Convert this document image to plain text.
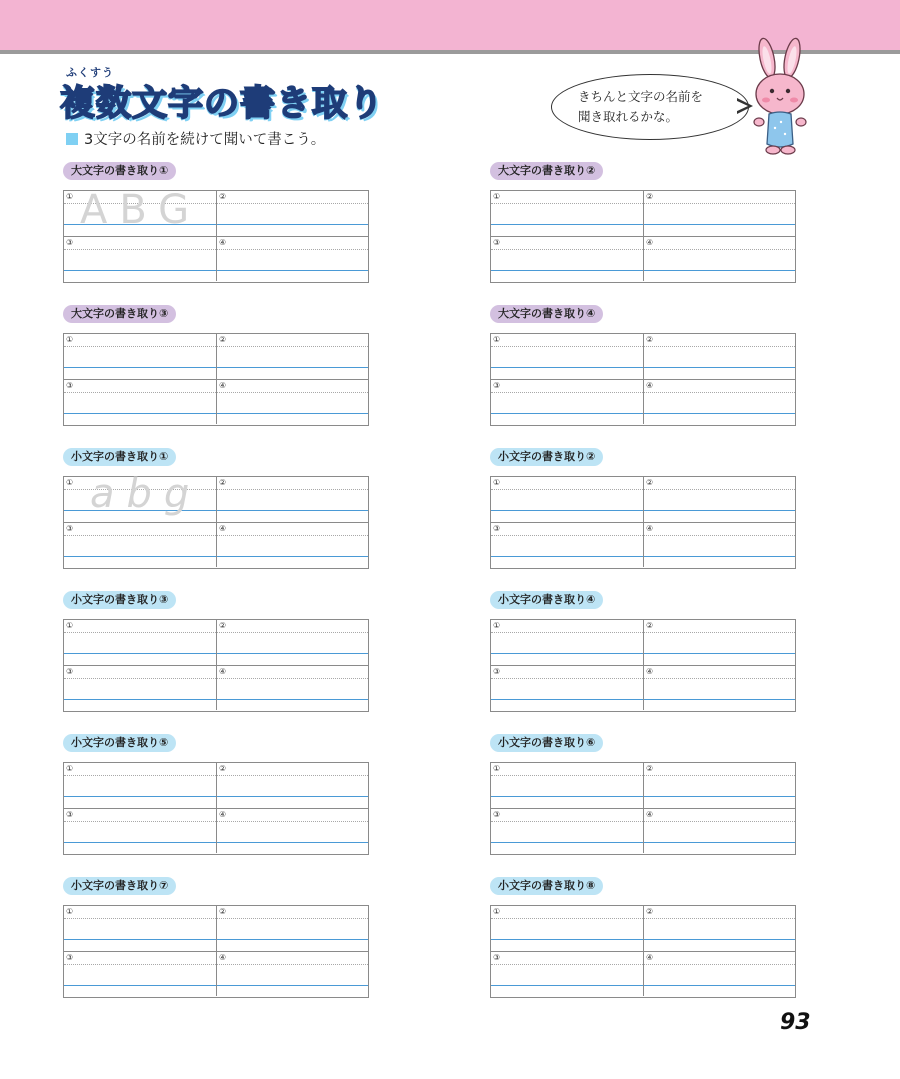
ふくすう
複数文字の書き取り
3文字の名前を続けて聞いて書こう。
きちんと文字の名前を
聞き取れるかな。
大文字の書き取り①
① ABG ②
③	④
大文字の書き取り②
①	②
③	④
大文字の書き取り③
①	②
③	④
大文字の書き取り④
①	②
③	④
小文字の書き取り①
① abg ②
③	④
小文字の書き取り②
①	②
③	④
小文字の書き取り③
①	②
③	④
小文字の書き取り④
①	②
③	④
小文字の書き取り⑤
①	②
③	④
小文字の書き取り⑥
①	②
③	④
小文字の書き取り⑦
①	②
③	④
小文字の書き取り⑧
①	②
③	④
93
